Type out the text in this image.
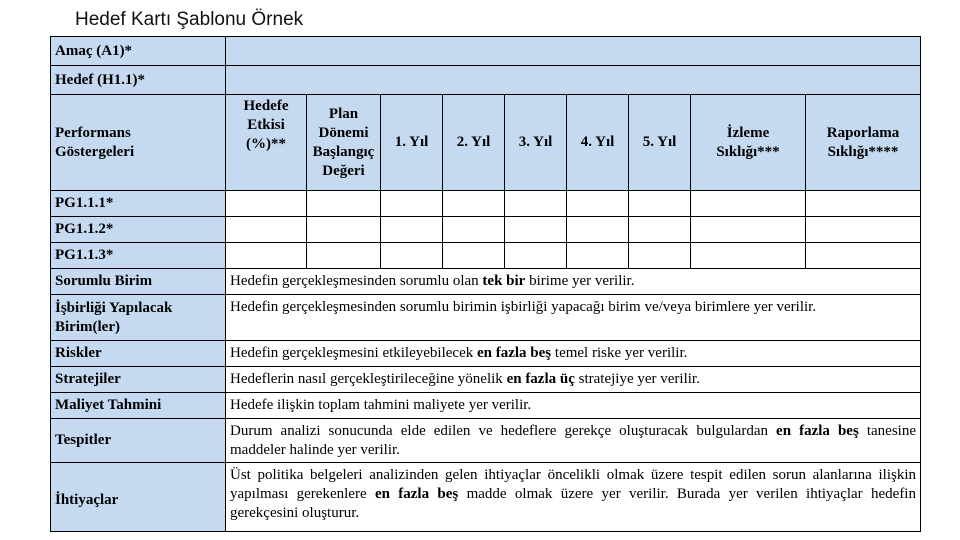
Hedef Kartı Şablonu Örnek
Amaç (A1)*									
Hedef (H1.1)*									
Performans Göstergeleri	Hedefe Etkisi (%)**	Plan Dönemi Başlangıç Değeri	1. Yıl	2. Yıl	3. Yıl	4. Yıl	5. Yıl	İzleme Sıklığı***	Raporlama Sıklığı****
PG1.1.1*									
PG1.1.2*									
PG1.1.3*									
Sorumlu Birim	Hedefin gerçekleşmesinden sorumlu olan tek bir birime yer verilir.								
İşbirliği Yapılacak Birim(ler)	Hedefin gerçekleşmesinden sorumlu birimin işbirliği yapacağı birim ve/veya birimlere yer verilir.								
Riskler	Hedefin gerçekleşmesini etkileyebilecek en fazla beş temel riske yer verilir.								
Stratejiler	Hedeflerin nasıl gerçekleştirileceğine yönelik en fazla üç stratejiye yer verilir.								
Maliyet Tahmini	Hedefe ilişkin toplam tahmini maliyete yer verilir.								
Tespitler	Durum analizi sonucunda elde edilen ve hedeflere gerekçe oluşturacak bulgulardan en fazla beş tanesine maddeler halinde yer verilir.								
İhtiyaçlar	Üst politika belgeleri analizinden gelen ihtiyaçlar öncelikli olmak üzere tespit edilen sorun alanlarına ilişkin yapılması gerekenlere en fazla beş madde olmak üzere yer verilir. Burada yer verilen ihtiyaçlar hedefin gerekçesini oluşturur.								
